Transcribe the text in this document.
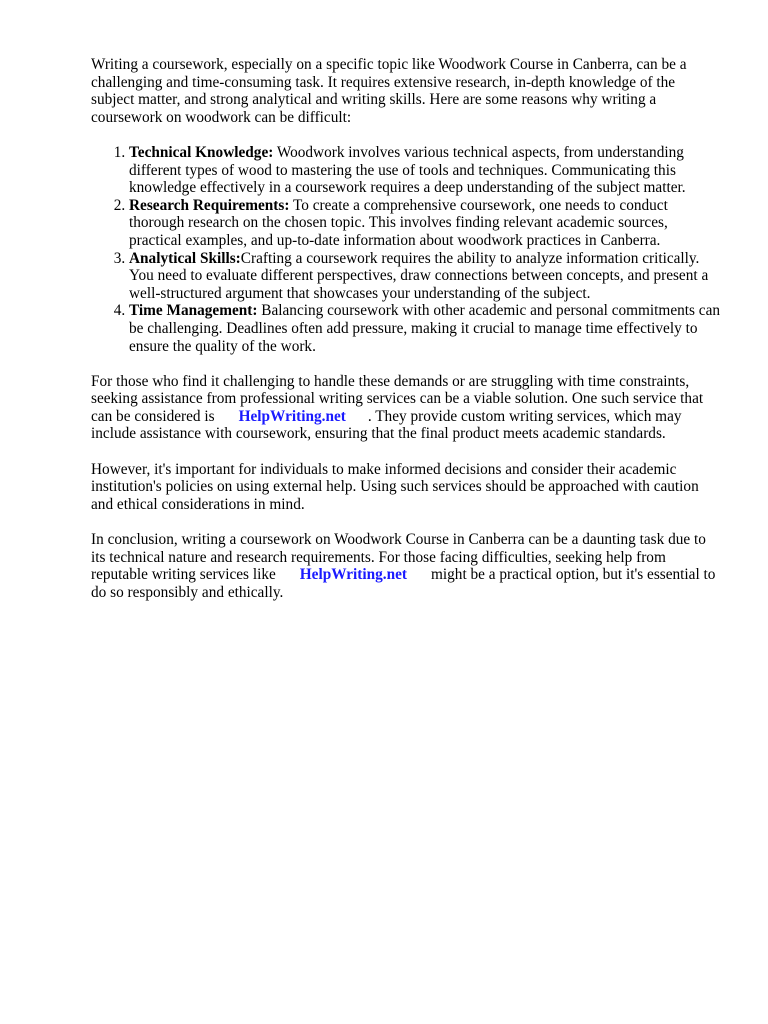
Writing a coursework, especially on a specific topic like Woodwork Course in Canberra, can be a challenging and time-consuming task. It requires extensive research, in-depth knowledge of the subject matter, and strong analytical and writing skills. Here are some reasons why writing a coursework on woodwork can be difficult:

1. Technical Knowledge: Woodwork involves various technical aspects, from understanding different types of wood to mastering the use of tools and techniques. Communicating this knowledge effectively in a coursework requires a deep understanding of the subject matter.
2. Research Requirements: To create a comprehensive coursework, one needs to conduct thorough research on the chosen topic. This involves finding relevant academic sources, practical examples, and up-to-date information about woodwork practices in Canberra.
3. Analytical Skills:Crafting a coursework requires the ability to analyze information critically. You need to evaluate different perspectives, draw connections between concepts, and present a well-structured argument that showcases your understanding of the subject.
4. Time Management: Balancing coursework with other academic and personal commitments can be challenging. Deadlines often add pressure, making it crucial to manage time effectively to ensure the quality of the work.

For those who find it challenging to handle these demands or are struggling with time constraints, seeking assistance from professional writing services can be a viable solution. One such service that can be considered is HelpWriting.net . They provide custom writing services, which may include assistance with coursework, ensuring that the final product meets academic standards.

However, it's important for individuals to make informed decisions and consider their academic institution's policies on using external help. Using such services should be approached with caution and ethical considerations in mind.

In conclusion, writing a coursework on Woodwork Course in Canberra can be a daunting task due to its technical nature and research requirements. For those facing difficulties, seeking help from reputable writing services like HelpWriting.net might be a practical option, but it's essential to do so responsibly and ethically.
